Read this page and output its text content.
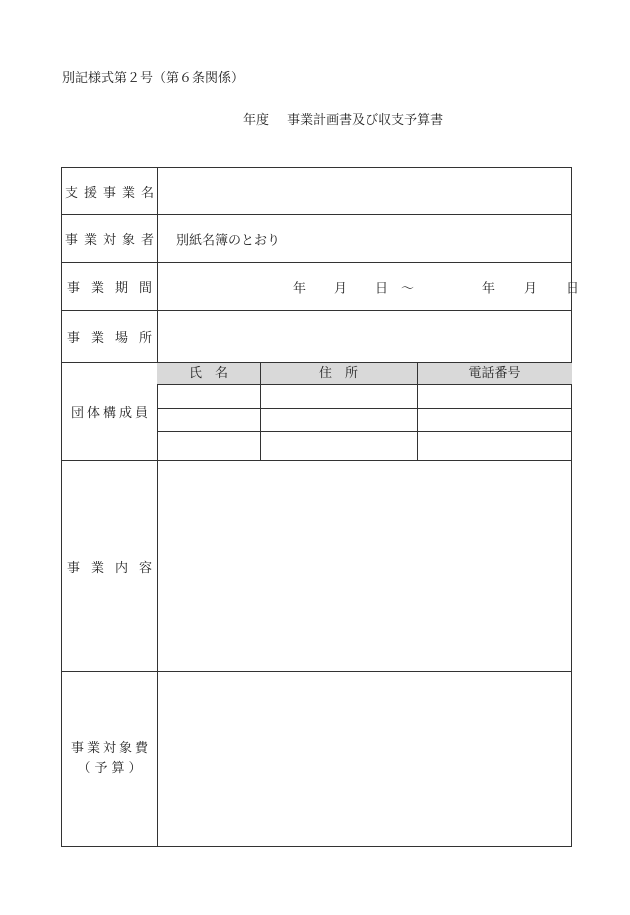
別記様式第２号（第６条関係）
年度 事業計画書及び収支予算書
支援事業名
事業対象者 別紙名簿のとおり
事業期間	年 月 日 ～	年 月 日
事業場所
団体構成員
氏　名	住　所	電話番号
事業内容
事業対象費
（予算）
